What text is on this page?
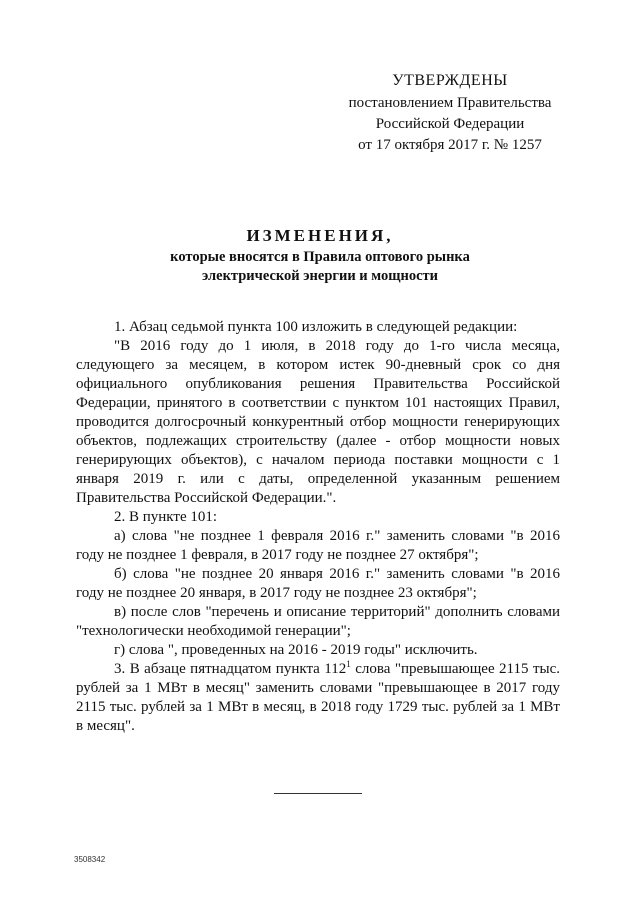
УТВЕРЖДЕНЫ
постановлением Правительства
Российской Федерации
от 17 октября 2017 г. № 1257
ИЗМЕНЕНИЯ,
которые вносятся в Правила оптового рынка
электрической энергии и мощности

1. Абзац седьмой пункта 100 изложить в следующей редакции:

"В 2016 году до 1 июля, в 2018 году до 1-го числа месяца, следующего за месяцем, в котором истек 90-дневный срок со дня официального опубликования решения Правительства Российской Федерации, принятого в соответствии с пунктом 101 настоящих Правил, проводится долгосрочный конкурентный отбор мощности генерирующих объектов, подлежащих строительству (далее - отбор мощности новых генерирующих объектов), с началом периода поставки мощности с 1 января 2019 г. или с даты, определенной указанным решением Правительства Российской Федерации.".

2. В пункте 101:

а) слова "не позднее 1 февраля 2016 г." заменить словами "в 2016 году не позднее 1 февраля, в 2017 году не позднее 27 октября";

б) слова "не позднее 20 января 2016 г." заменить словами "в 2016 году не позднее 20 января, в 2017 году не позднее 23 октября";

в) после слов "перечень и описание территорий" дополнить словами "технологически необходимой генерации";

г) слова ", проведенных на 2016 - 2019 годы" исключить.

3. В абзаце пятнадцатом пункта $112^1$ слова "превышающее 2115 тыс. рублей за 1 МВт в месяц" заменить словами "превышающее в 2017 году 2115 тыс. рублей за 1 МВт в месяц, в 2018 году 1729 тыс. рублей за 1 МВт в месяц".

3508342
